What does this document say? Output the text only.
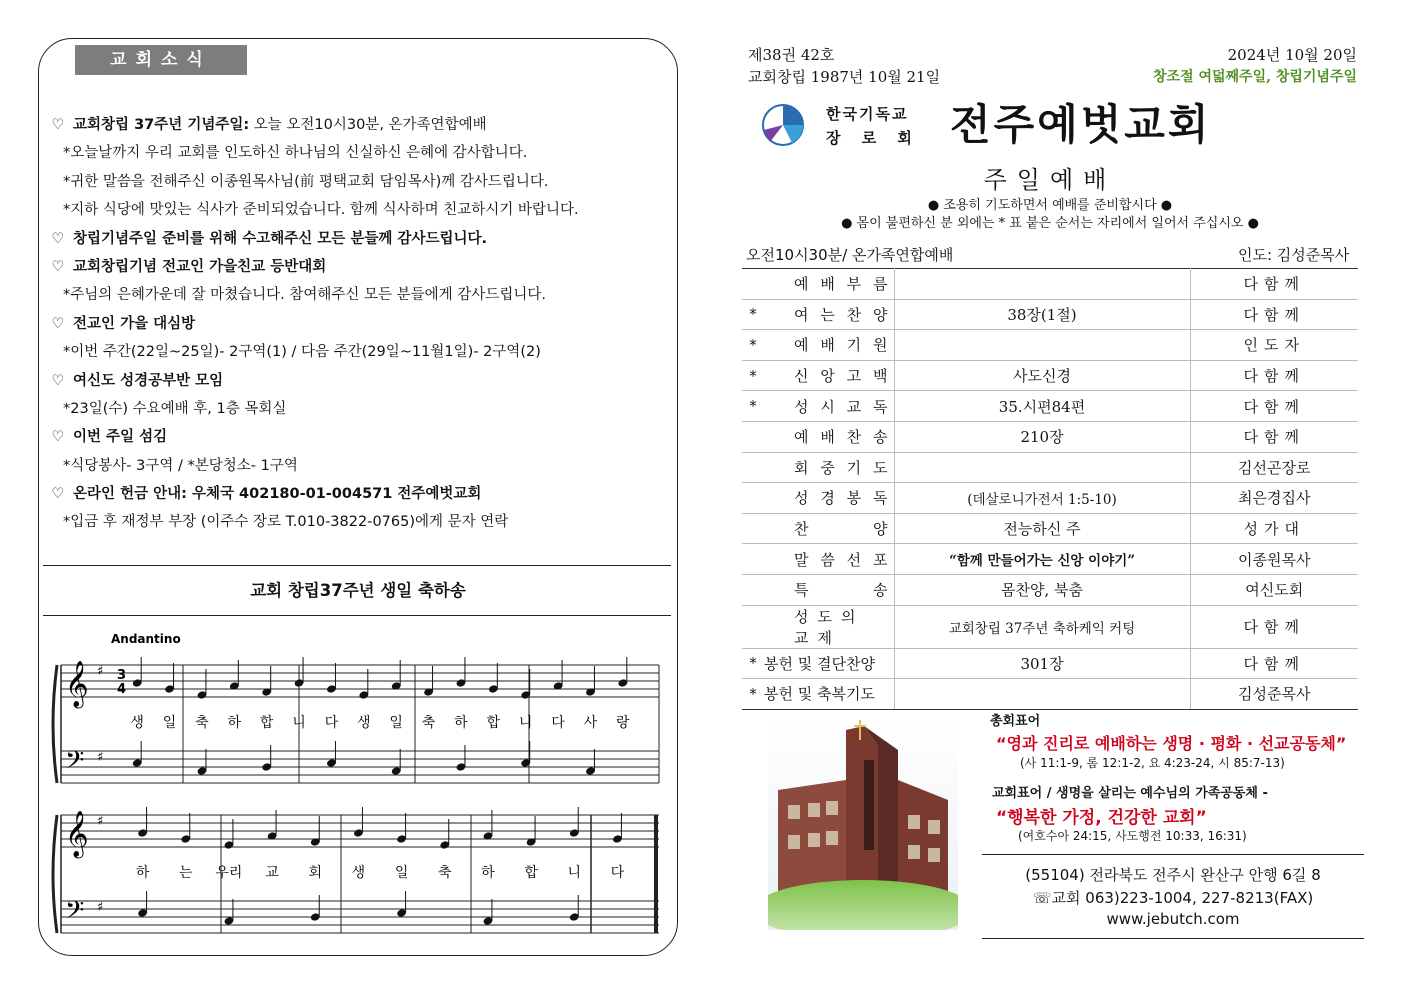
교회소식
♡ 교회창립 37주년 기념주일: 오늘 오전10시30분, 온가족연합예배
*오늘날까지 우리 교회를 인도하신 하나님의 신실하신 은혜에 감사합니다.
*귀한 말씀을 전해주신 이종원목사님(前 평택교회 담임목사)께 감사드립니다.
*지하 식당에 맛있는 식사가 준비되었습니다. 함께 식사하며 친교하시기 바랍니다.
♡ 창립기념주일 준비를 위해 수고해주신 모든 분들께 감사드립니다.
♡ 교회창립기념 전교인 가을친교 등반대회
*주님의 은혜가운데 잘 마쳤습니다. 참여해주신 모든 분들에게 감사드립니다.
♡ 전교인 가을 대심방
*이번 주간(22일~25일)- 2구역(1) / 다음 주간(29일~11월1일)- 2구역(2)
♡ 여신도 성경공부반 모임
*23일(수) 수요예배 후, 1층 목회실
♡ 이번 주일 섬김
*식당봉사- 3구역 / *본당청소- 1구역
♡ 온라인 헌금 안내: 우체국 402180-01-004571 전주예벗교회
*입금 후 재정부 부장 (이주수 장로 T.010-3822-0765)에게 문자 연락
교회 창립37주년 생일 축하송
Andantino
𝄞
𝄢
♯
♯
생 일 축 하 합 니 다 생 일 축 하 합 니 다 사 랑
3
4
𝄞
𝄢
♯
♯
하 는 우리 교 회 생 일 축 하 합 니 다
제38권 42호
교회창립 1987년 10월 21일
2024년 10월 20일
창조절 여덟째주일, 창립기념주일
한국기독교
장 로 회 전주예벗교회
주일예배
● 조용히 기도하면서 예배를 준비합시다 ●
● 몸이 불편하신 분 외에는 * 표 붙은 순서는 자리에서 일어서 주십시오 ●
오전10시30분/ 온가족연합예배	인도: 김성준목사

	예 배 부 름		다함께
*	여 는 찬 양	38장(1절)	다함께
*	예 배 기 원		인도자
*	신 앙 고 백	사도신경	다함께
*	성 시 교 독	35.시편84편	다함께

	예 배 찬 송	210장	다함께

	회 중 기 도		김선곤장로

	성 경 봉 독	(데살로니가전서 1:5-10)	최은경집사

	찬 양	전능하신 주	성가대

	말 씀 선 포	“함께 만들어가는 신앙 이야기”	이종원목사

	특 송	몸찬양, 북춤	여신도회

	성도의교제	교회창립 37주년 축하케익 커팅	다함께
*	봉헌 및 결단찬양	301장	다함께
*	봉헌 및 축복기도		김성준목사
총회표어
“영과 진리로 예배하는 생명 · 평화 · 선교공동체”
(사 11:1-9, 롬 12:1-2, 요 4:23-24, 시 85:7-13)
교회표어 / 생명을 살리는 예수님의 가족공동체 -
“행복한 가정, 건강한 교회”
(여호수아 24:15, 사도행전 10:33, 16:31)
(55104) 전라북도 전주시 완산구 안행 6길 8
☏교회 063)223-1004, 227-8213(FAX)
www.jebutch.com
